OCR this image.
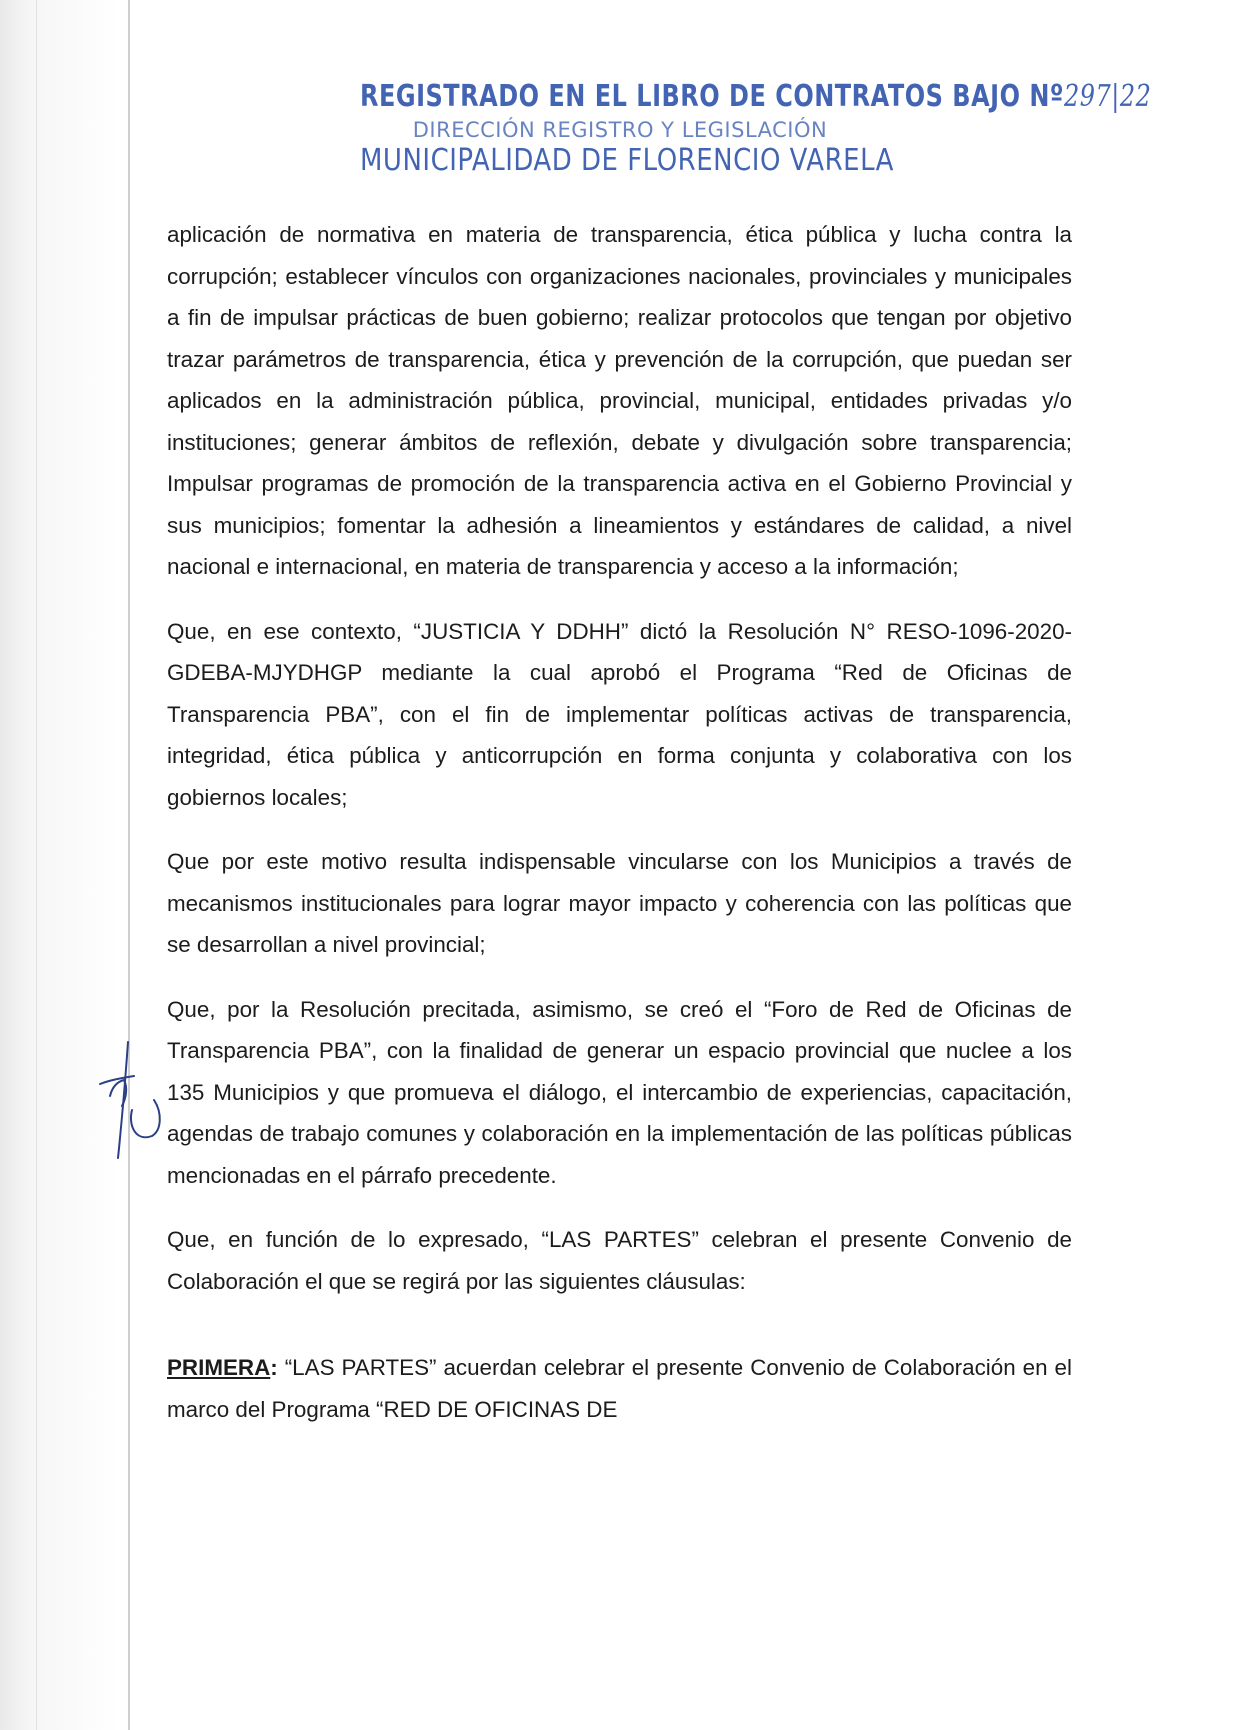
REGISTRADO EN EL LIBRO DE CONTRATOS BAJO Nº297|22
DIRECCIÓN REGISTRO Y LEGISLACIÓN
MUNICIPALIDAD DE FLORENCIO VARELA

aplicación de normativa en materia de transparencia, ética pública y lucha contra la corrupción; establecer vínculos con organizaciones nacionales, provinciales y municipales a fin de impulsar prácticas de buen gobierno; realizar protocolos que tengan por objetivo trazar parámetros de transparencia, ética y prevención de la corrupción, que puedan ser aplicados en la administración pública, provincial, municipal, entidades privadas y/o instituciones; generar ámbitos de reflexión, debate y divulgación sobre transparencia; Impulsar programas de promoción de la transparencia activa en el Gobierno Provincial y sus municipios; fomentar la adhesión a lineamientos y estándares de calidad, a nivel nacional e internacional, en materia de transparencia y acceso a la información;

Que, en ese contexto, “JUSTICIA Y DDHH” dictó la Resolución N° RESO-1096-2020-GDEBA-MJYDHGP mediante la cual aprobó el Programa “Red de Oficinas de Transparencia PBA”, con el fin de implementar políticas activas de transparencia, integridad, ética pública y anticorrupción en forma conjunta y colaborativa con los gobiernos locales;

Que por este motivo resulta indispensable vincularse con los Municipios a través de mecanismos institucionales para lograr mayor impacto y coherencia con las políticas que se desarrollan a nivel provincial;

Que, por la Resolución precitada, asimismo, se creó el “Foro de Red de Oficinas de Transparencia PBA”, con la finalidad de generar un espacio provincial que nuclee a los 135 Municipios y que promueva el diálogo, el intercambio de experiencias, capacitación, agendas de trabajo comunes y colaboración en la implementación de las políticas públicas mencionadas en el párrafo precedente.

Que, en función de lo expresado, “LAS PARTES” celebran el presente Convenio de Colaboración el que se regirá por las siguientes cláusulas:

PRIMERA: “LAS PARTES” acuerdan celebrar el presente Convenio de Colaboración en el marco del Programa “RED DE OFICINAS DE
